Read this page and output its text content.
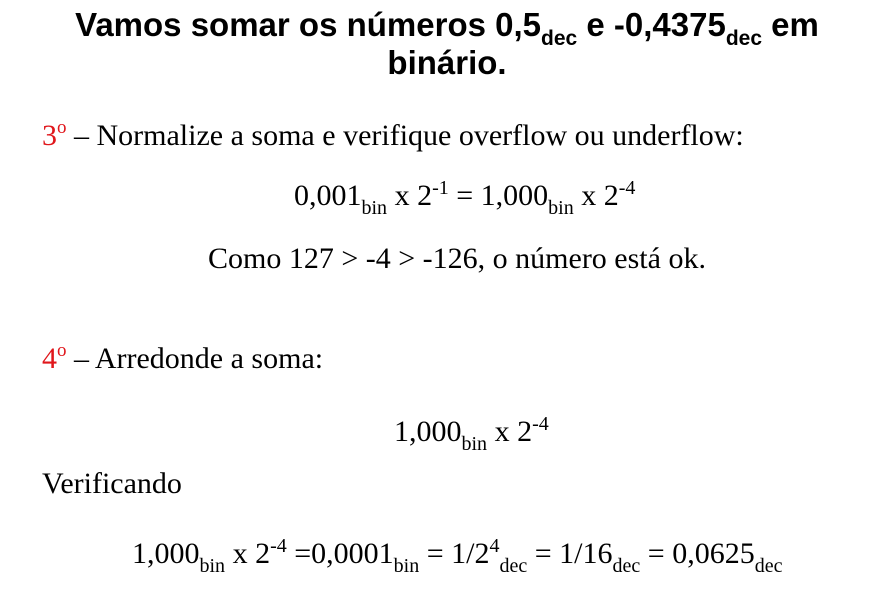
Vamos somar os números $0,5_{dec}$ e $-0,4375_{dec}$ em
binário.
3$^o$ – Normalize a soma e verifique overflow ou underflow:
$0,001_{bin}$ x $2^{-1} = 1,000_{bin}$ x $2^{-4}$
Como 127 > -4 > -126, o número está ok.
4$^o$ – Arredonde a soma:
$1,000_{bin}$ x $2^{-4}$
Verificando
$1,000_{bin}$ x $2^{-4} =0,0001_{bin} = 1/2^4_{dec} = 1/16_{dec} = 0,0625_{dec}$
